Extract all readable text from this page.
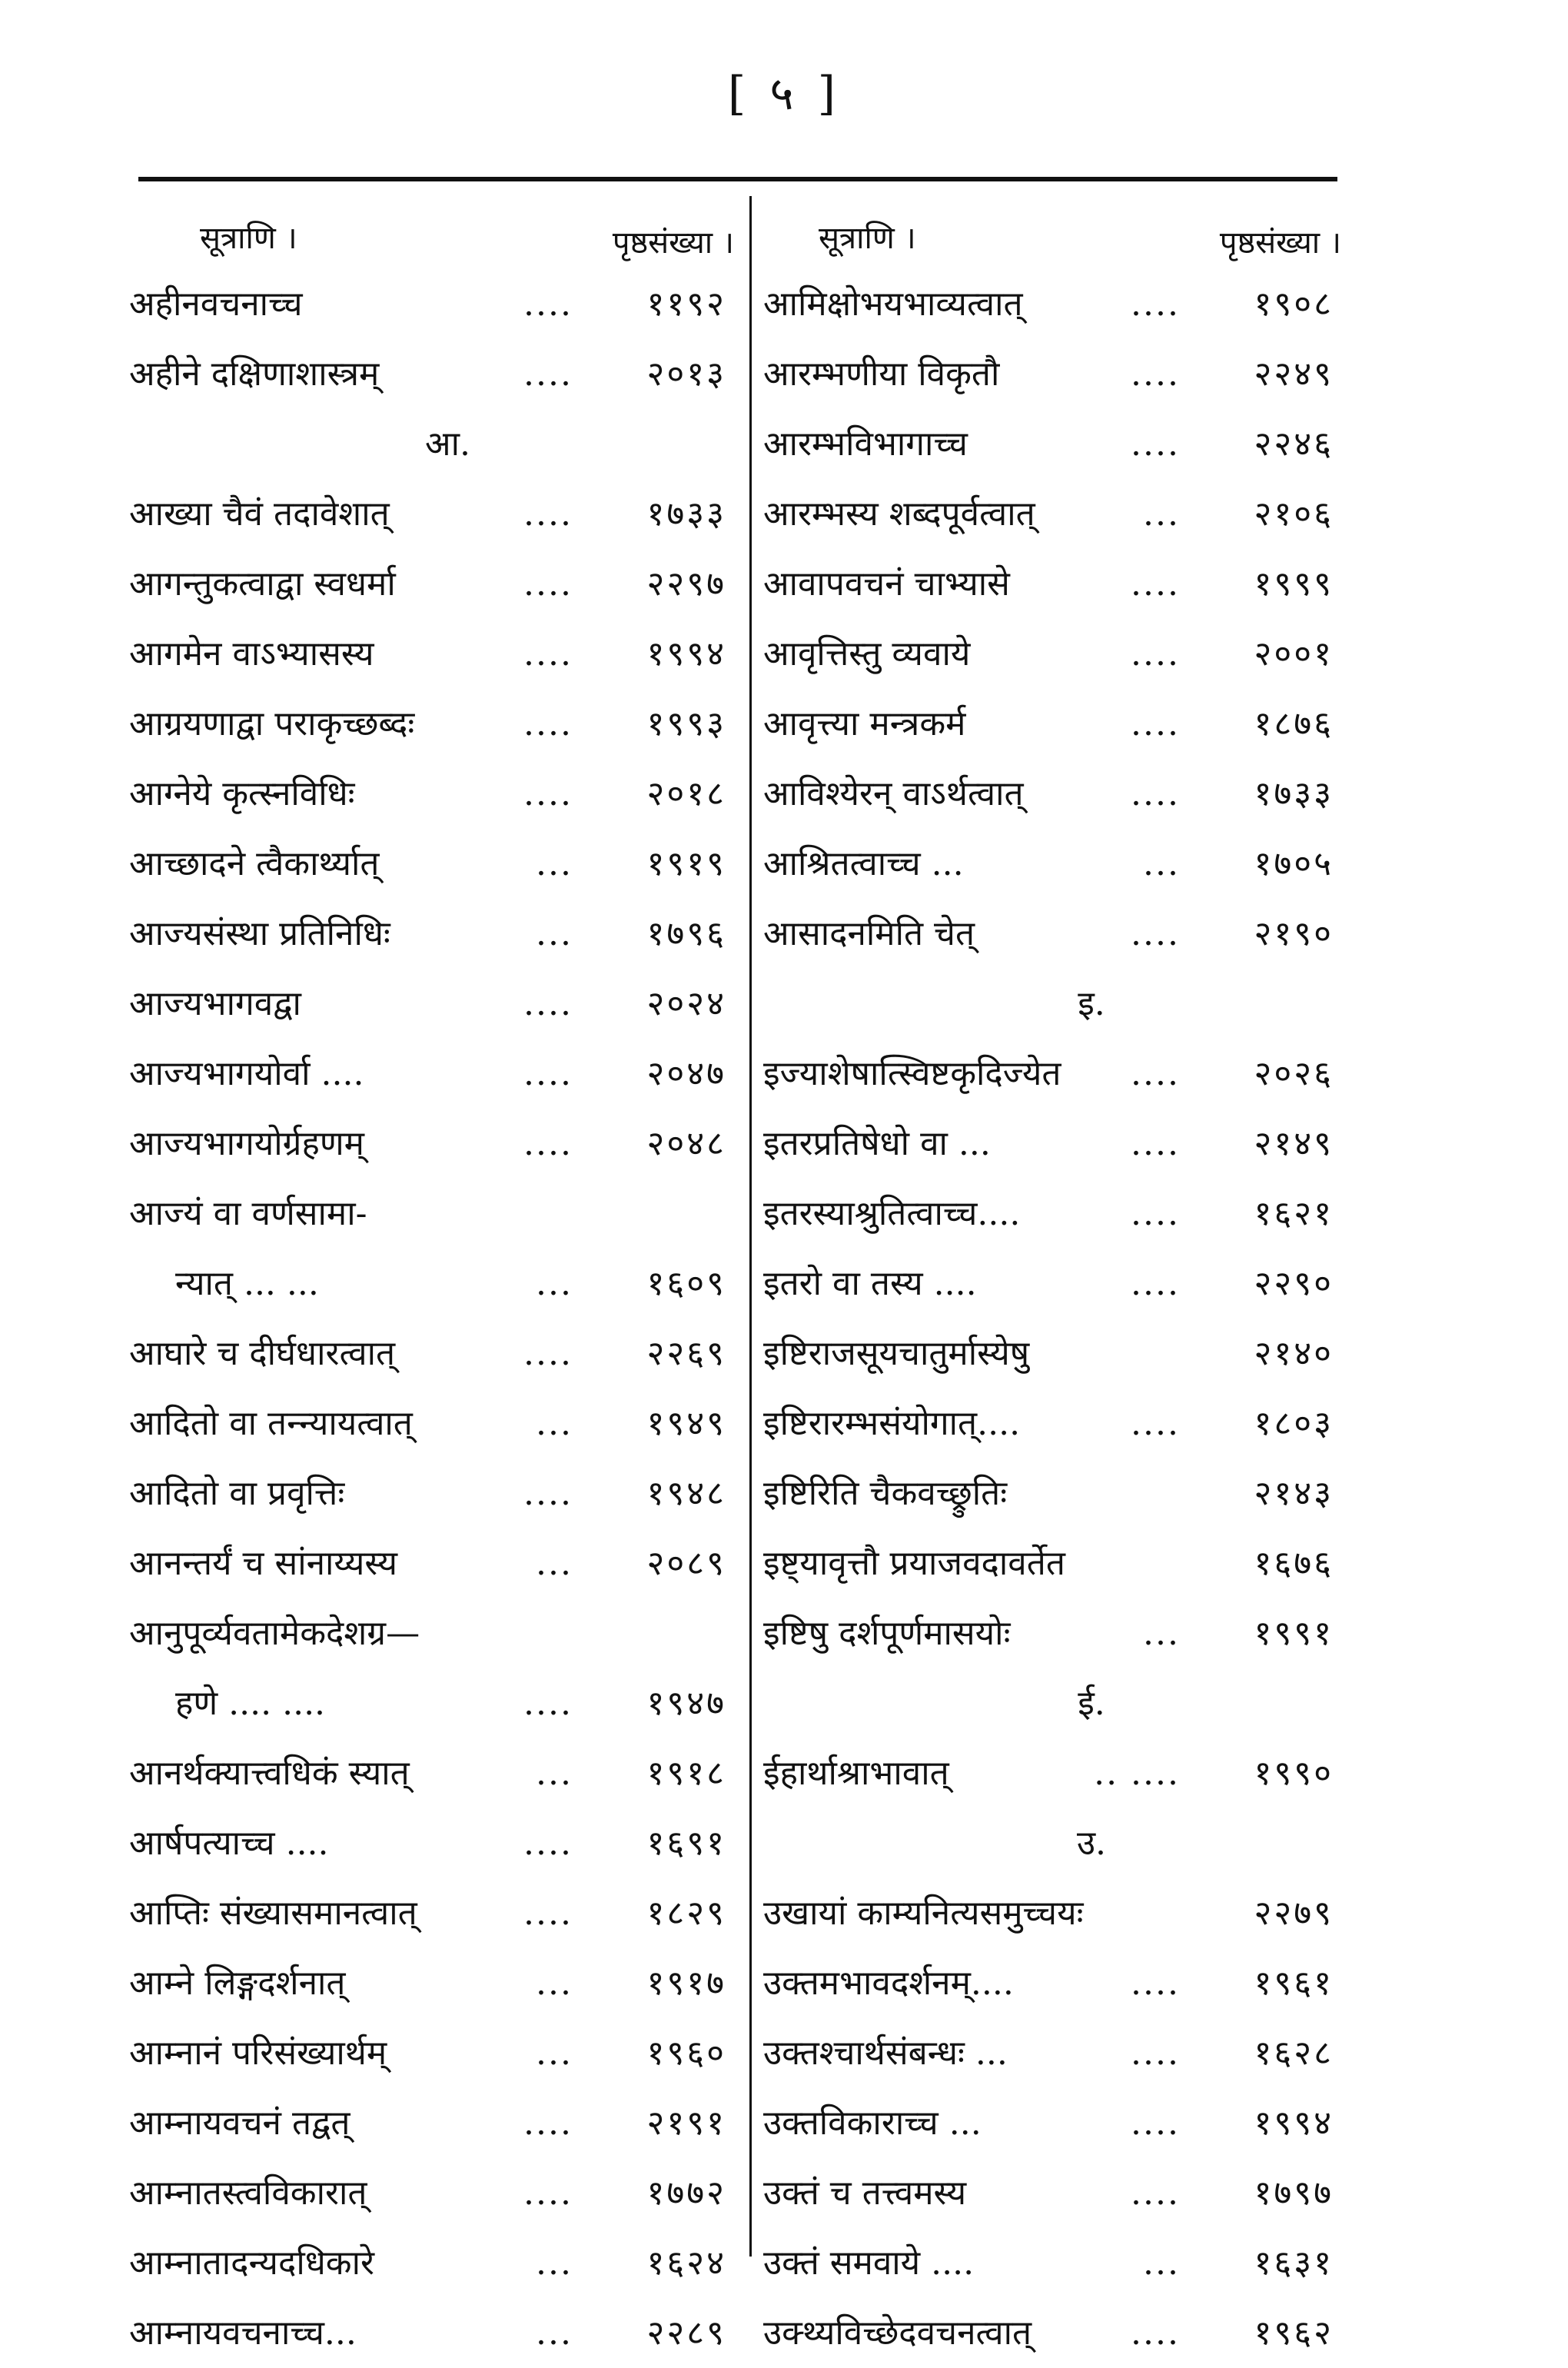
[ ५ ]
सूत्राणि ।	पृष्ठसंख्या ।
अहीनवचनाच्च	.... ११९२
अहीने दक्षिणाशास्त्रम्	.... २०१३
आ.
आख्या चैवं तदावेशात्	.... १७३३
आगन्तुकत्वाद्वा स्वधर्मा	.... २२९७
आगमेन वाऽभ्यासस्य	.... १९९४
आग्रयणाद्वा पराकृच्छब्दः	.... १९९३
आग्नेये कृत्स्नविधिः	.... २०१८
आच्छादने त्वैकार्थ्यात्	... १९१९
आज्यसंस्था प्रतिनिधिः	... १७९६
आज्यभागवद्वा	.... २०२४
आज्यभागयोर्वा ....	.... २०४७
आज्यभागयोर्ग्रहणम्	.... २०४८
आज्यं वा वर्णसामा-
न्यात् ... ...	... १६०९
आघारे च दीर्घधारत्वात्	.... २२६९
आदितो वा तन्न्यायत्वात्	... १९४९
आदितो वा प्रवृत्तिः	.... १९४८
आनन्तर्यं च सांनाय्यस्य	... २०८९
आनुपूर्व्यवतामेकदेशग्र—
हणे .... ....	.... १९४७
आनर्थक्यात्त्वधिकं स्यात्	... १९१८
आर्षपत्याच्च ....	.... १६९१
आप्तिः संख्यासमानत्वात्	.... १८२९
आम्ने लिङ्गदर्शनात्	... १९१७
आम्नानं परिसंख्यार्थम्	... १९६०
आम्नायवचनं तद्वत्	.... २१९१
आम्नातस्त्वविकारात्	.... १७७२
आम्नातादन्यदधिकारे	... १६२४
आम्नायवचनाच्च...	... २२८९
सूत्राणि ।	पृष्ठसंख्या ।
आमिक्षोभयभाव्यत्वात्	.... १९०८
आरम्भणीया विकृतौ	.... २२४९
आरम्भविभागाच्च	.... २२४६
आरम्भस्य शब्दपूर्वत्वात्	... २१०६
आवापवचनं चाभ्यासे	.... १९९९
आवृत्तिस्तु व्यवाये	.... २००१
आवृत्त्या मन्त्रकर्म	.... १८७६
आविश्येरन् वाऽर्थत्वात्	.... १७३३
आश्रितत्वाच्च ...	... १७०५
आसादनमिति चेत्	.... २१९०
इ.
इज्याशेषात्स्विष्टकृदिज्येत .... २०२६
इतरप्रतिषेधो वा ...	.... २१४९
इतरस्याश्रुतित्वाच्च....	.... १६२१
इतरो वा तस्य ....	.... २२९०
इष्टिराजसूयचातुर्मास्येषु	२१४०
इष्टिरारम्भसंयोगात्....	.... १८०३
इष्टिरिति चैकवच्छ्रुतिः	२१४३
इष्ट्यावृत्तौ प्रयाजवदावर्तेत	१६७६
इष्टिषु दर्शपूर्णमासयोः	... १९९१
ई.
ईहार्थाश्राभावात्	.. .... १९९०
उ.
उखायां काम्यनित्यसमुच्चयः	२२७९
उक्तमभावदर्शनम्....	.... १९६१
उक्तश्चार्थसंबन्धः ...	.... १६२८
उक्तविकाराच्च ...	.... १९९४
उक्तं च तत्त्वमस्य	.... १७९७
उक्तं समवाये ....	... १६३१
उक्थ्यविच्छेदवचनत्वात्	.... १९६२
